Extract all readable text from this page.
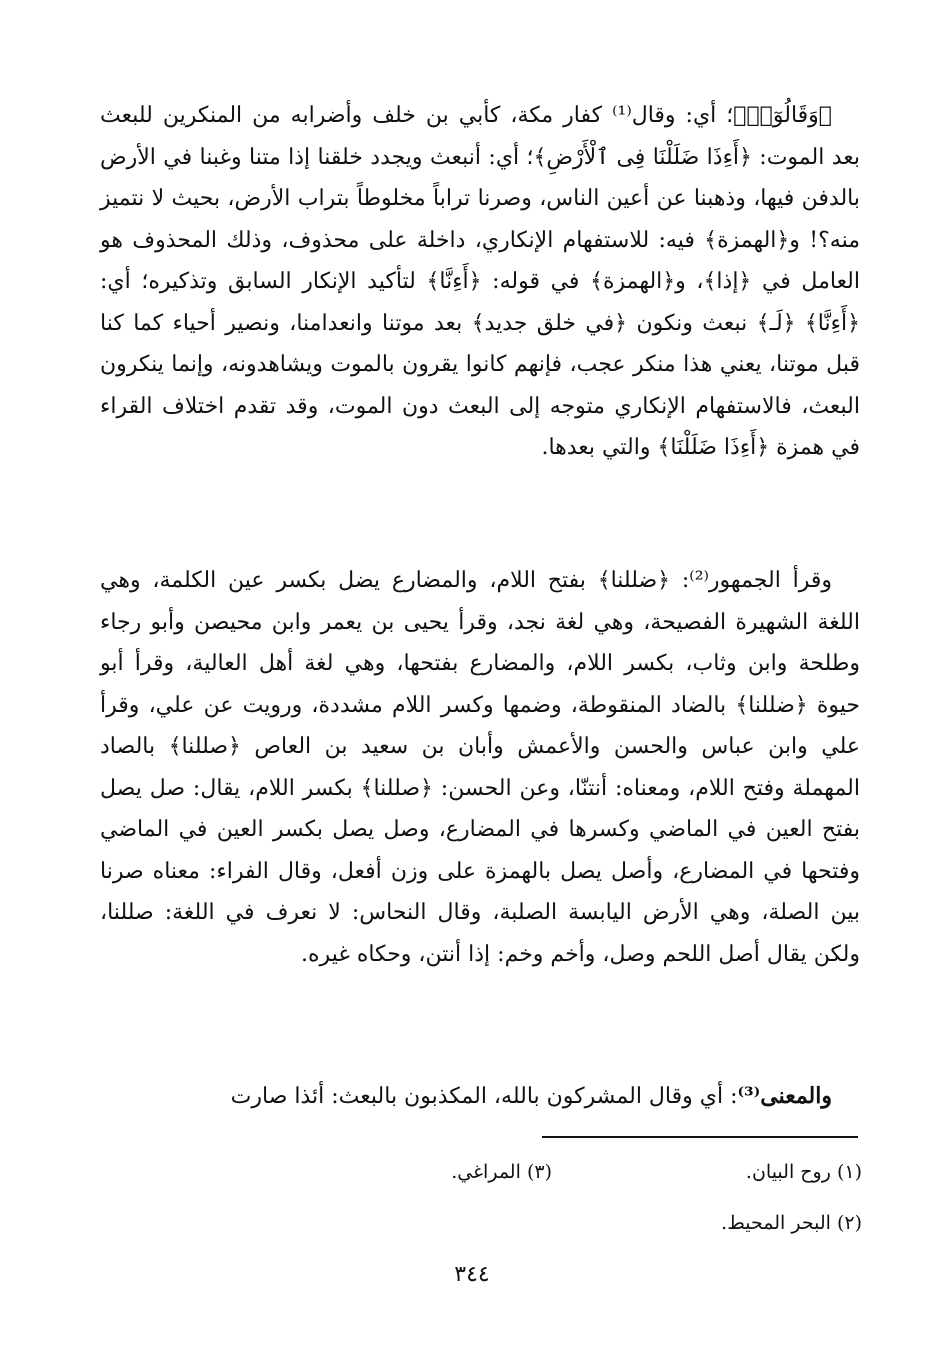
﴿وَقَالُوٓا۟﴾؛ أي: وقال⁽¹⁾ كفار مكة، كأبي بن خلف وأضرابه من المنكرين للبعث بعد الموت: ﴿أَءِذَا ضَلَلْنَا فِى ٱلْأَرْضِ﴾؛ أي: أنبعث ويجدد خلقنا إذا متنا وغبنا في الأرض بالدفن فيها، وذهبنا عن أعين الناس، وصرنا تراباً مخلوطاً بتراب الأرض، بحيث لا نتميز منه؟! و﴿الهمزة﴾ فيه: للاستفهام الإنكاري، داخلة على محذوف، وذلك المحذوف هو العامل في ﴿إذا﴾، و﴿الهمزة﴾ في قوله: ﴿أَءِنَّا﴾ لتأكيد الإنكار السابق وتذكيره؛ أي: ﴿أَءِنَّا﴾ ﴿لَـ﴾ نبعث ونكون ﴿في خلق جديد﴾ بعد موتنا وانعدامنا، ونصير أحياء كما كنا قبل موتنا، يعني هذا منكر عجب، فإنهم كانوا يقرون بالموت ويشاهدونه، وإنما ينكرون البعث، فالاستفهام الإنكاري متوجه إلى البعث دون الموت، وقد تقدم اختلاف القراء في همزة ﴿أَءِذَا ضَلَلْنَا﴾ والتي بعدها.

وقرأ الجمهور⁽²⁾: ﴿ضللنا﴾ بفتح اللام، والمضارع يضل بكسر عين الكلمة، وهي اللغة الشهيرة الفصيحة، وهي لغة نجد، وقرأ يحيى بن يعمر وابن محيصن وأبو رجاء وطلحة وابن وثاب، بكسر اللام، والمضارع بفتحها، وهي لغة أهل العالية، وقرأ أبو حيوة ﴿ضللنا﴾ بالضاد المنقوطة، وضمها وكسر اللام مشددة، ورويت عن علي، وقرأ علي وابن عباس والحسن والأعمش وأبان بن سعيد بن العاص ﴿صللنا﴾ بالصاد المهملة وفتح اللام، ومعناه: أنتنّا، وعن الحسن: ﴿صللنا﴾ بكسر اللام، يقال: صل يصل بفتح العين في الماضي وكسرها في المضارع، وصل يصل بكسر العين في الماضي وفتحها في المضارع، وأصل يصل بالهمزة على وزن أفعل، وقال الفراء: معناه صرنا بين الصلة، وهي الأرض اليابسة الصلبة، وقال النحاس: لا نعرف في اللغة: صللنا، ولكن يقال أصل اللحم وصل، وأخم وخم: إذا أنتن، وحكاه غيره.

والمعنى⁽³⁾: أي وقال المشركون بالله، المكذبون بالبعث: أئذا صارت

(١) روح البيان.
(٣) المراغي.
(٢) البحر المحيط.
٣٤٤
